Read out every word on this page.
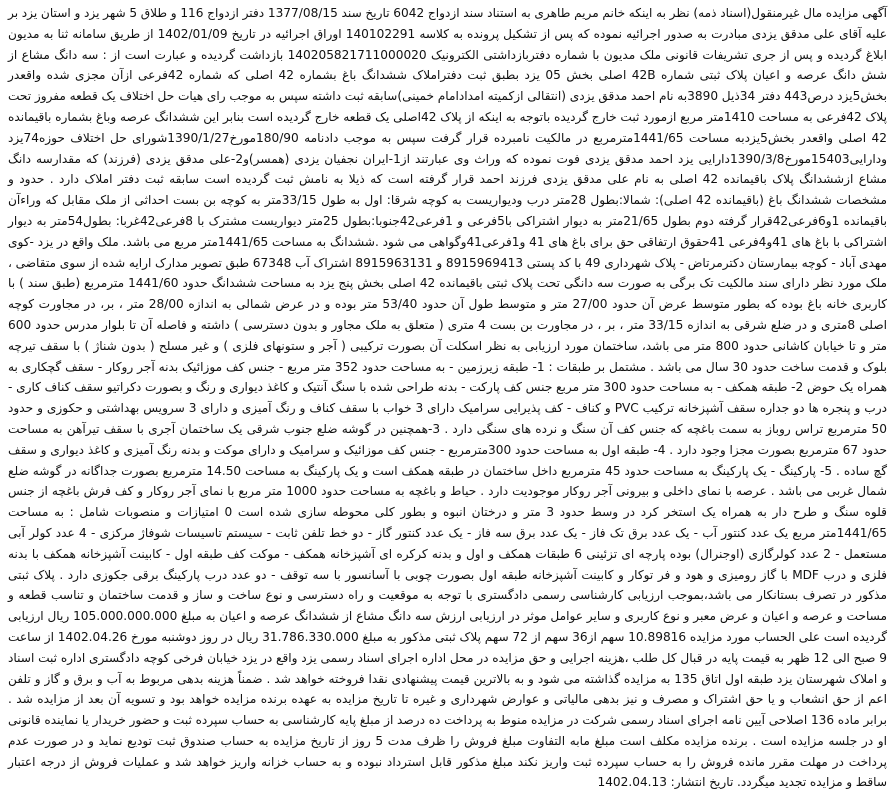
آگهی مزایده مال غیرمنقول(اسناد ذمه) نظر به اینکه خانم مریم طاهری به استناد سند ازدواج 6042 تاریخ سند 1377/08/15 دفتر ازدواج 116 و طلاق 5 شهر یزد و استان یزد بر علیه آقای علی مدقق یزدی مبادرت به صدور اجرائیه نموده که پس از تشکیل پرونده به کلاسه 140102291 اوراق اجرائیه در تاریخ 1402/01/09 از طریق سامانه ثنا به مدیون ابلاغ گردیده و پس از جری تشریفات قانونی ملک مدیون با شماره دفتربازداشتی الکترونیک 140205821711000020 بازداشت گردیده و عبارت است از : سه دانگ مشاع از شش دانگ عرصه و اعیان پلاک ثبتی شماره 42B اصلی بخش 05 یزد بطبق ثبت دفتراملاک ششدانگ باغ بشماره 42 اصلی که شماره 42فرعی ازآن مجزی شده واقعدر بخش5یزد درص443 دفتر 34ذیل 3890به نام احمد مدقق یزدی (انتقالی ازکمیته امدادامام خمینی)سابقه ثبت داشته سپس به موجب رای هیات حل اختلاف یک قطعه مفروز تحت پلاک 42فرعی به مساحت 1410متر مربع ازمورد ثبت خارج گردیده باتوجه به اینکه از پلاک 42اصلی یک قطعه خارج گردیده است بنابر این ششدانگ عرصه وباغ بشماره باقیمانده 42 اصلی واقعدر بخش5یزدبه مساحت 1441/65مترمربع در مالکیت نامبرده قرار گرفت سپس به موجب دادنامه 180/90مورخ1390/1/27شورای حل اختلاف حوزه74یزد ودارایی15403مورخ1390/3/8دارایی یزد احمد مدقق یزدی فوت نموده که وراث وی عبارتند از1-ایران نجفیان یزدی (همسر)و2-علی مدقق یزدی (فرزند) که مقدارسه دانگ مشاع ازششدانگ پلاک باقیمانده 42 اصلی به نام علی مدقق یزدی فرزند احمد قرار گرفته است که ذیلا به نامش ثبت گردیده است سابقه ثبت دفتر املاک دارد . حدود و مشخصات ششدانگ باغ (باقیمانده 42 اصلی): شمالا:بطول 28متر درب ودیواریست به کوچه شرقا: اول به طول 33/15متر به کوچه بن بست احداثی از ملک مقابل که وراءآن باقیمانده 1و6فرعی42قرار گرفته دوم بطول 21/65متر به دیوار اشتراکی با5فرعی و 1فرعی42جنوبا:بطول 25متر دیواریست مشترک با 8فرعی42غربا: بطول54متر به دیوار اشتراکی با باغ های 41و4فرعی 41حقوق ارتفاقی حق برای باغ های 41 و1فرعی41وگواهی می شود .ششدانگ به مساحت 1441/65متر مربع می باشد. ملک واقع در یزد -کوی مهدی آباد - کوچه بیمارستان دکترمرتاض - پلاک شهرداری 49 با کد پستی 8915969413 و 8915963131 اشتراک آب 67348 طبق تصویر مدارک ارایه شده از سوی متقاضی ، ملک مورد نظر دارای سند مالکیت تک برگی به صورت سه دانگی تحت پلاک ثبتی باقیمانده 42 اصلی بخش پنج یزد به مساحت ششدانگ حدود 1441/60 مترمربع (طبق سند ) با کاربری خانه باغ بوده که بطور متوسط عرض آن حدود 27/00 متر و متوسط طول آن حدود 53/40 متر بوده و در عرض شمالی به اندازه 28/00 متر ، بر، در مجاورت کوچه اصلی 8متری و در ضلع شرقی به اندازه 33/15 متر ، بر ، در مجاورت بن بست 4 متری ( متعلق به ملک مجاور و بدون دسترسی ) داشته و فاصله آن تا بلوار مدرس حدود 600 متر و تا خیابان کاشانی حدود 800 متر می باشد، ساختمان مورد ارزیابی به نظر اسکلت آن بصورت ترکیبی ( آجر و ستونهای فلزی ) و غیر مسلح ( بدون شناژ ) با سقف تیرچه بلوک و قدمت ساخت حدود 30 سال می باشد . مشتمل بر طبقات : 1- طبقه زیرزمین - به مساحت حدود 352 متر مربع - جنس کف موزائیک بدنه آجر روکار - سقف گچکاری به همراه یک حوض 2- طبقه همکف - به مساحت حدود 300 متر مربع جنس کف پارکت - بدنه طراحی شده با سنگ آنتیک و کاغذ دیواری و رنگ و بصورت دکراتیو سقف کناف کاری - درب و پنجره ها دو جداره سقف آشپزخانه ترکیب PVC و کناف - کف پذیرایی سرامیک دارای 3 خواب با سقف کناف و رنگ آمیزی و دارای 3 سرویس بهداشتی و حکوزی و حدود 50 مترمربع تراس روباز به سمت باغچه که جنس کف آن سنگ و نرده های سنگی دارد . 3-همچنین در گوشه ضلع جنوب شرقی یک ساختمان آجری با سقف تیرآهن به مساحت حدود 67 مترمربع بصورت مجزا وجود دارد . 4- طبقه اول به مساحت حدود 300مترمربع - جنس کف موزائیک و سرامیک و دارای موکت و بدنه رنگ آمیزی و کاغذ دیواری و سقف گچ ساده . 5- پارکینگ - یک پارکینگ به مساحت حدود 45 مترمربع داخل ساختمان در طبقه همکف است و یک پارکینگ به مساحت 14.50 مترمربع بصورت جداگانه در گوشه ضلع شمال غربی می باشد . عرصه با نمای داخلی و بیرونی آجر روکار موجودیت دارد . حیاط و باغچه به مساحت حدود 1000 متر مربع با نمای آجر روکار و کف فرش باغچه از جنس قلوه سنگ و طرح دار به همراه یک استخر کرد در وسط حدود 3 متر و درختان انبوه و بطور کلی محوطه سازی شده است 0 امتیازات و منصوبات شامل : به مساحت 1441/65متر مربع یک عدد کنتور آب - یک عدد برق تک فاز - یک عدد برق سه فاز - یک عدد کنتور گاز - دو خط تلفن ثابت - سیستم تاسیسات شوفاژ مرکزی - 4 عدد کولر آبی مستعمل - 2 عدد کولرگازی (اوجنرال) بوده پارچه ای تزئینی 6 طبقات همکف و اول و بدنه کرکره ای آشپزخانه همکف - موکت کف طبقه اول - کابینت آشپزخانه همکف با بدنه فلزی و درب MDF با گاز رومیزی و هود و فر توکار و کابینت آشپزخانه طبقه اول بصورت چوبی با آسانسور با سه توقف - دو عدد درب پارکینگ برقی جکوزی دارد . پلاک ثبتی مذکور در تصرف بستانکار می باشد،بموجب ارزیابی کارشناسی رسمی دادگستری با توجه به موقعیت و راه دسترسی و نوع ساخت و ساز و قدمت ساختمان و تناسب قطعه و مساحت و عرصه و اعیان و عرض معبر و نوع کاربری و سایر عوامل موثر در ارزیابی ارزش سه دانگ مشاع از ششدانگ عرصه و اعیان به مبلغ 105.000.000.000 ریال ارزیابی گردیده است علی الحساب مورد مزایده 10.89816 سهم از36 سهم از 72 سهم پلاک ثبتی مذکور به مبلغ 31.786.330.000 ریال در روز دوشنبه مورخ 1402.04.26 از ساعت 9 صبح الی 12 ظهر به قیمت پایه در قبال کل طلب ،هزینه اجرایی و حق مزایده در محل اداره اجرای اسناد رسمی یزد واقع در یزد خیابان فرخی کوچه دادگستری اداره ثبت اسناد و املاک شهرستان یزد طبقه اول اتاق 135 به مزایده گذاشته می شود و به بالاترین قیمت پیشنهادی نقدا فروخته خواهد شد . ضمناً هزینه بدهی مربوط به آب و برق و گاز و تلفن اعم از حق انشعاب و یا حق اشتراک و مصرف و نیز بدهی مالیاتی و عوارض شهرداری و غیره تا تاریخ مزایده به عهده برنده مزایده خواهد بود و تسویه آن بعد از مزایده شد . برابر ماده 136 اصلاحی آیین نامه اجرای اسناد رسمی شرکت در مزایده منوط به پرداخت ده درصد از مبلغ پایه کارشناسی به حساب سپرده ثبت و حضور خریدار یا نماینده قانونی او در جلسه مزایده است . برنده مزایده مکلف است مبلغ مابه التفاوت مبلغ فروش را ظرف مدت 5 روز از تاریخ مزایده به حساب صندوق ثبت تودیع نماید و در صورت عدم پرداخت در مهلت مقرر مانده فروش را به حساب سپرده ثبت واریز نکند مبلغ مذکور قابل استرداد نبوده و به حساب خزانه واریز خواهد شد و عملیات فروش از درجه اعتبار ساقط و مزایده تجدید میگردد. تاریخ انتشار: 1402.04.13
